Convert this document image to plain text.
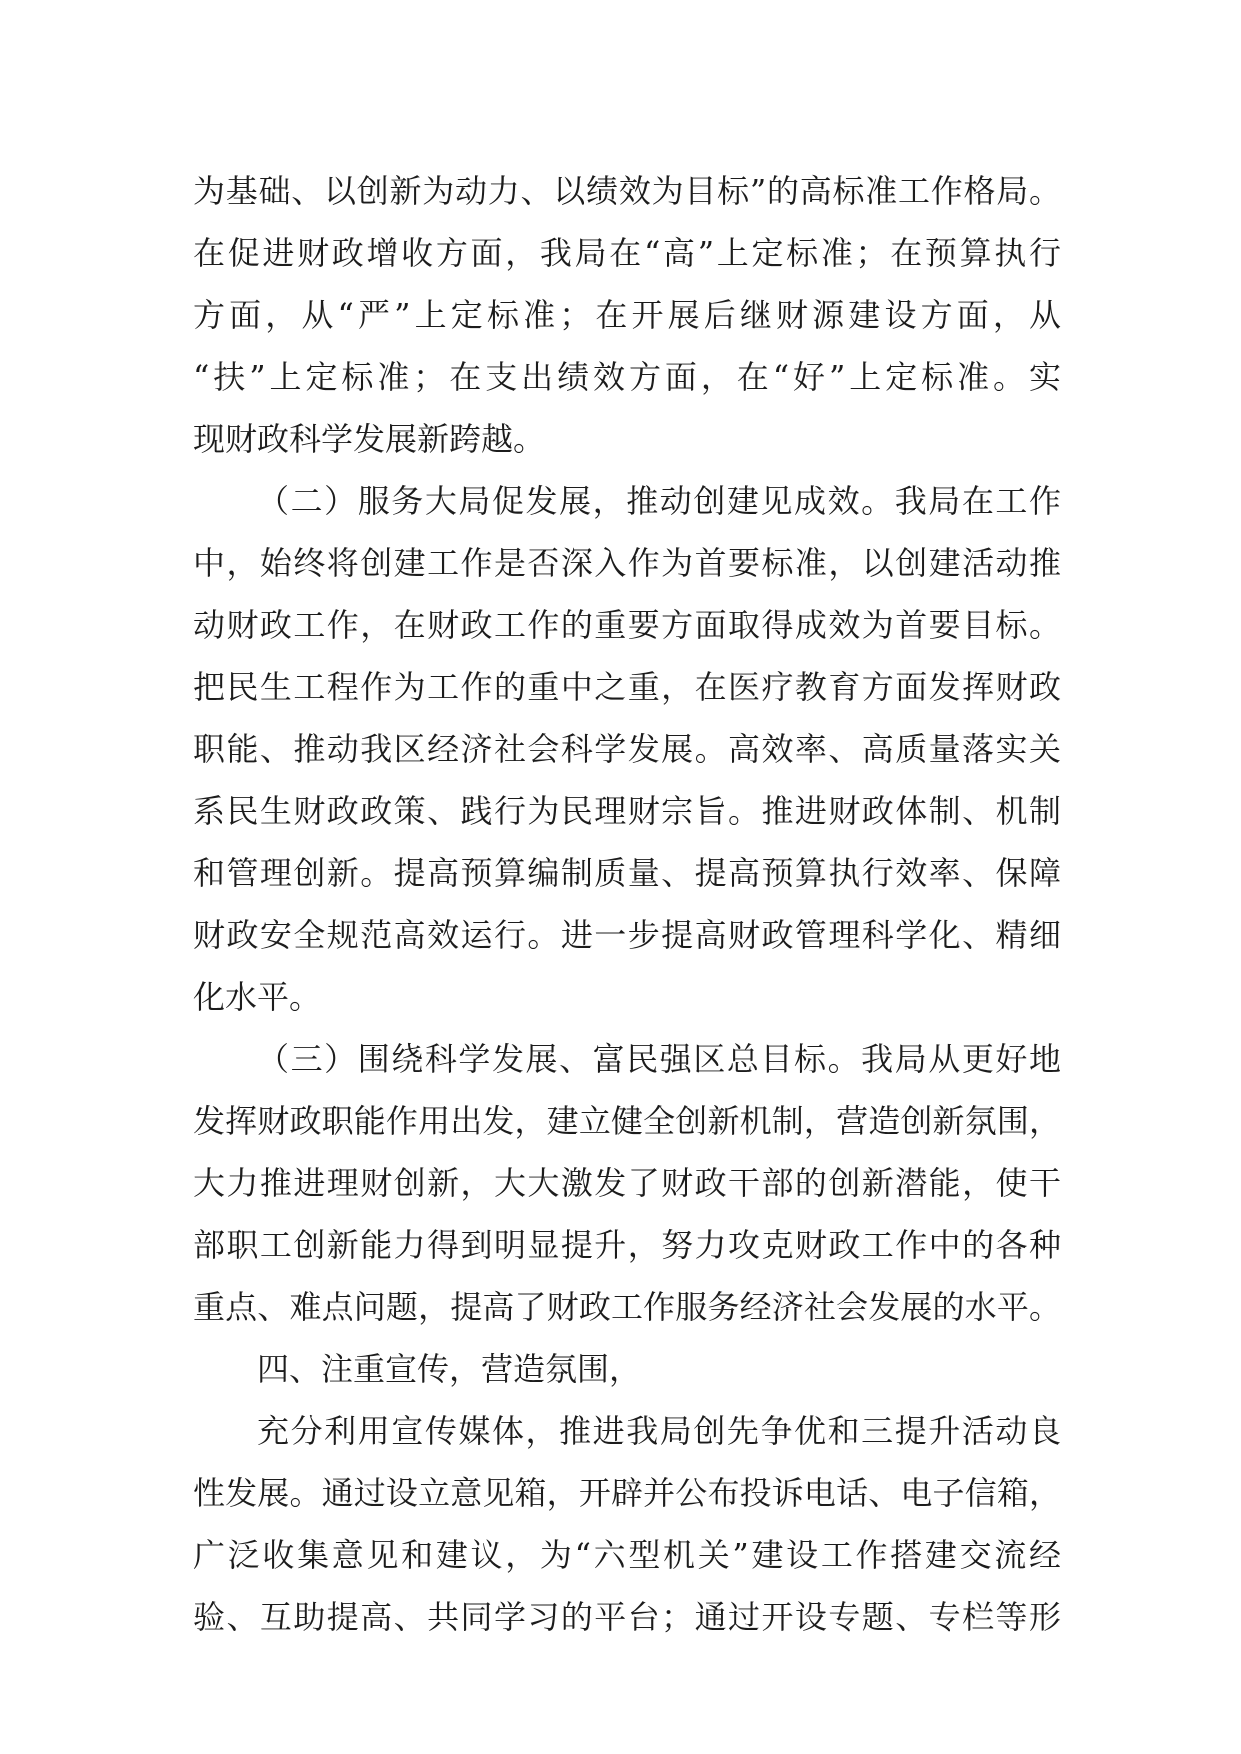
为基础、以创新为动力、以绩效为目标”的高标准工作格局。
在促进财政增收方面，我局在“高”上定标准；在预算执行
方面，从“严”上定标准；在开展后继财源建设方面，从
“扶”上定标准；在支出绩效方面，在“好”上定标准。实
现财政科学发展新跨越。
（二）服务大局促发展，推动创建见成效。我局在工作
中，始终将创建工作是否深入作为首要标准，以创建活动推
动财政工作，在财政工作的重要方面取得成效为首要目标。
把民生工程作为工作的重中之重，在医疗教育方面发挥财政
职能、推动我区经济社会科学发展。高效率、高质量落实关
系民生财政政策、践行为民理财宗旨。推进财政体制、机制
和管理创新。提高预算编制质量、提高预算执行效率、保障
财政安全规范高效运行。进一步提高财政管理科学化、精细
化水平。
（三）围绕科学发展、富民强区总目标。我局从更好地
发挥财政职能作用出发，建立健全创新机制，营造创新氛围，
大力推进理财创新，大大激发了财政干部的创新潜能，使干
部职工创新能力得到明显提升，努力攻克财政工作中的各种
重点、难点问题，提高了财政工作服务经济社会发展的水平。
四、注重宣传，营造氛围，
充分利用宣传媒体，推进我局创先争优和三提升活动良
性发展。通过设立意见箱，开辟并公布投诉电话、电子信箱，
广泛收集意见和建议，为“六型机关”建设工作搭建交流经
验、互助提高、共同学习的平台；通过开设专题、专栏等形
